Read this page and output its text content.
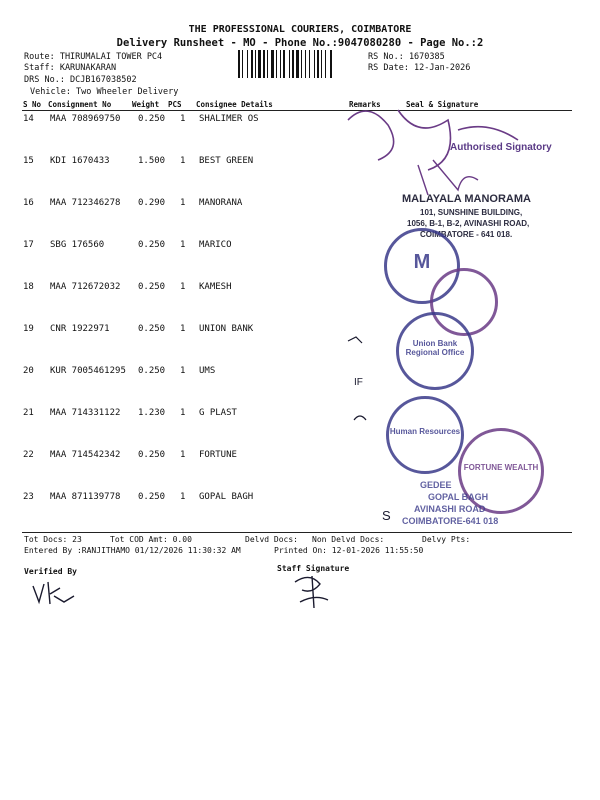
THE PROFESSIONAL COURIERS, COIMBATORE
Delivery Runsheet - MO - Phone No.:9047080280 - Page No.:2
Route: THIRUMALAI TOWER PC4
Staff: KARUNAKARAN
DRS No.: DCJB167038502
Vehicle: Two Wheeler Delivery
RS No.: 1670385
RS Date: 12-Jan-2026
S No Consignment No	Weight PCS Consignee Details	Remarks	Seal & Signature
14 MAA 708969750 0.250 1 SHALIMER OS
15 KDI 1670433	1.500 1 BEST GREEN
16 MAA 712346278 0.290 1 MANORANA
17 SBG 176560	0.250 1 MARICO
18 MAA 712672032 0.250 1 KAMESH
19 CNR 1922971	0.250 1 UNION BANK
20 KUR 7005461295 0.250 1 UMS
21 MAA 714331122 1.230 1 G PLAST
22 MAA 714542342 0.250 1 FORTUNE
23 MAA 871139778 0.250 1 GOPAL BAGH
Tot Docs: 23	Tot COD Amt: 0.00	Delvd Docs: Non Delvd Docs:	Delvy Pts:
Entered By :RANJITHAMO 01/12/2026 11:30:32 AM	Printed On: 12-01-2026 11:55:50
Verified By	Staff Signature
Authorised Signatory
MALAYALA MANORAMA
101, SUNSHINE BUILDING,
1056, B-1, B-2, AVINASHI ROAD,
COIMBATORE - 641 018.
M
Union Bank Regional Office
Human Resources
FORTUNE WEALTH
GEDEE
GOPAL BAGH
AVINASHI ROAD
COIMBATORE-641 018
IF
S
